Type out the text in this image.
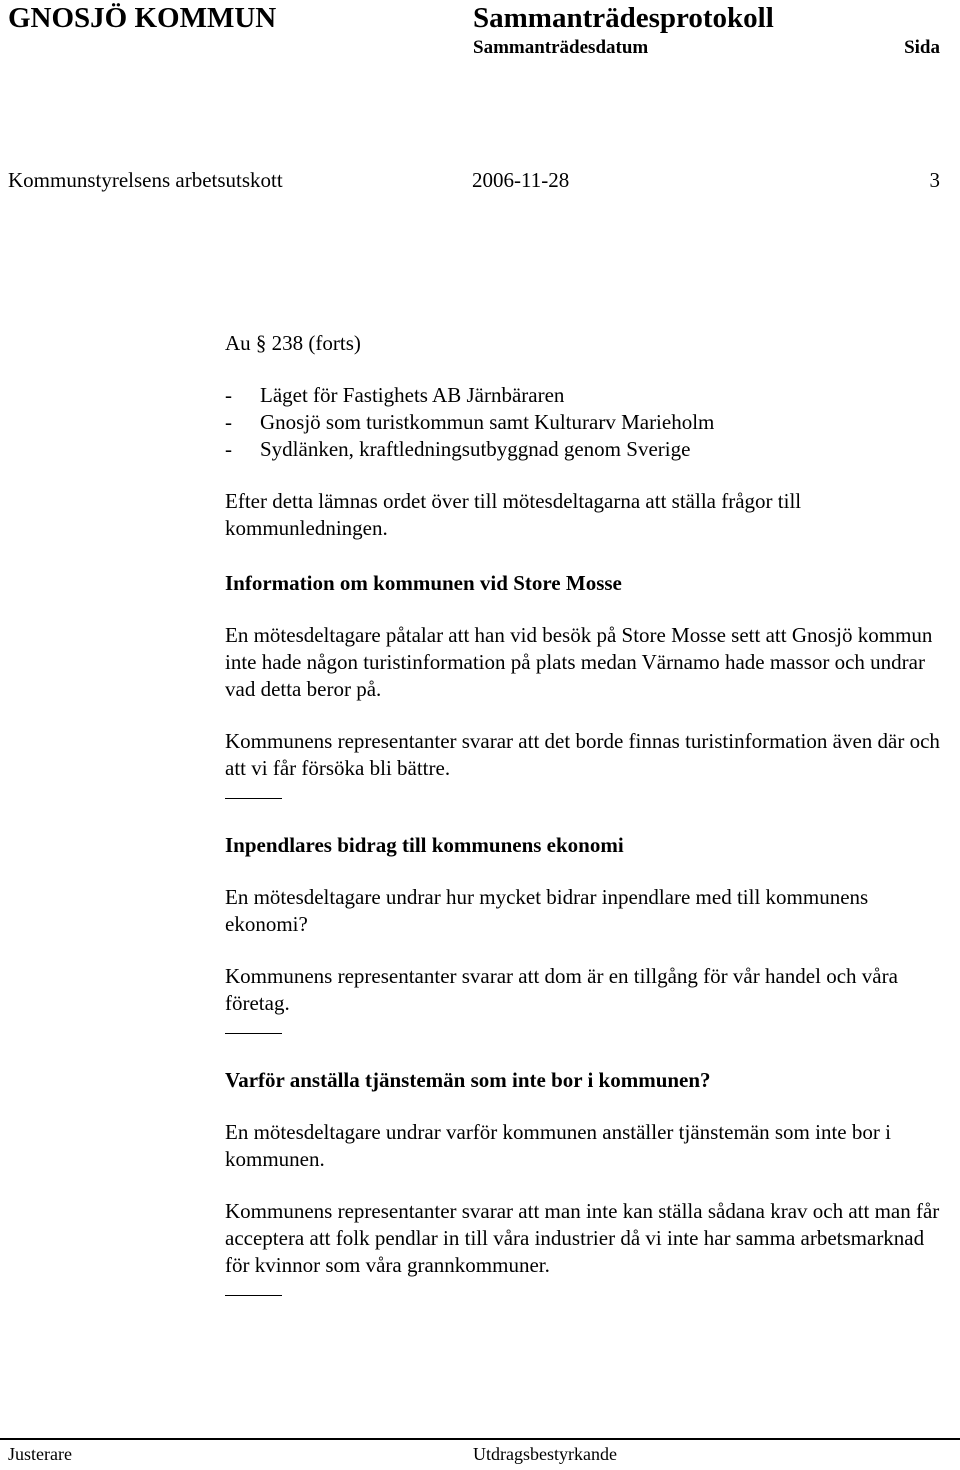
GNOSJÖ KOMMUN	Sammanträdesprotokoll
Sammanträdesdatum	Sida
Kommunstyrelsens arbetsutskott	2006-11-28	3

Au § 238 (forts)

- Läget för Fastighets AB Järnbäraren
- Gnosjö som turistkommun samt Kulturarv Marieholm
- Sydlänken, kraftledningsutbyggnad genom Sverige

Efter detta lämnas ordet över till mötesdeltagarna att ställa frågor till kommunledningen.

Information om kommunen vid Store Mosse

En mötesdeltagare påtalar att han vid besök på Store Mosse sett att Gnosjö kommun inte hade någon turistinformation på plats medan Värnamo hade massor och undrar vad detta beror på.

Kommunens representanter svarar att det borde finnas turistinformation även där och att vi får försöka bli bättre.

Inpendlares bidrag till kommunens ekonomi

En mötesdeltagare undrar hur mycket bidrar inpendlare med till kommunens ekonomi?

Kommunens representanter svarar att dom är en tillgång för vår handel och våra företag.

Varför anställa tjänstemän som inte bor i kommunen?

En mötesdeltagare undrar varför kommunen anställer tjänstemän som inte bor i kommunen.

Kommunens representanter svarar att man inte kan ställa sådana krav och att man får acceptera att folk pendlar in till våra industrier då vi inte har samma arbetsmarknad för kvinnor som våra grannkommuner.

Justerare	Utdragsbestyrkande
